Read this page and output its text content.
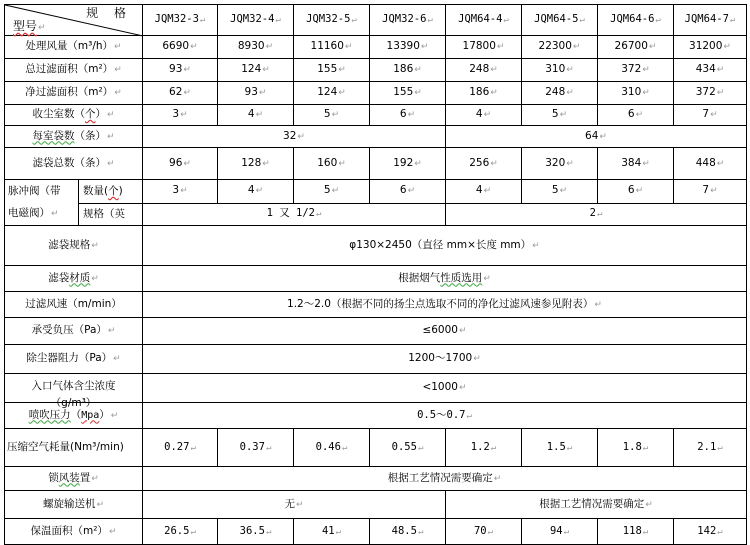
规 格
型号↵		JQM32-3↵	JQM32-4↵	JQM32-5↵	JQM32-6↵	JQM64-4↵	JQM64-5↵	JQM64-6↵	JQM64-7↵
处理风量（m³/h）↵		6690↵	8930↵	11160↵	13390↵	17800↵	22300↵	26700↵	31200↵
总过滤面积（m²）↵		93↵	124↵	155↵	186↵	248↵	310↵	372↵	434↵
净过滤面积（m²）↵		62↵	93↵	124↵	155↵	186↵	248↵	310↵	372↵
收尘室数（个）↵		3↵	4↵	5↵	6↵	4↵	5↵	6↵	7↵
每室袋数（条）↵		32↵				64↵			
滤袋总数（条）↵		96↵	128↵	160↵	192↵	256↵	320↵	384↵	448↵
脉冲阀（带
电磁阀）↵	数量(个)	3↵	4↵	5↵	6↵	4↵	5↵	6↵	7↵
	规格（英	1 又 1/2↵				2↵			
滤袋规格↵		φ130×2450（直径 mm×长度 mm）↵							
滤袋材质↵		根据烟气性质选用↵							
过滤风速（m/min）		1.2～2.0（根据不同的扬尘点选取不同的净化过滤风速参见附表）↵							
承受负压（Pa）↵		≤6000↵							
除尘器阻力（Pa）↵		1200～1700↵							

入口气体含尘浓度
（g/m³）		<1000↵							
喷吹压力（Mpa）↵		0.5～0.7↵							
压缩空气耗量(Nm³/min)		0.27↵	0.37↵	0.46↵	0.55↵	1.2↵	1.5↵	1.8↵	2.1↵
锁风装置↵		根据工艺情况需要确定↵							
螺旋输送机↵		无↵				根据工艺情况需要确定↵			
保温面积（m²）↵		26.5↵	36.5↵	41↵	48.5↵	70↵	94↵	118↵	142↵
